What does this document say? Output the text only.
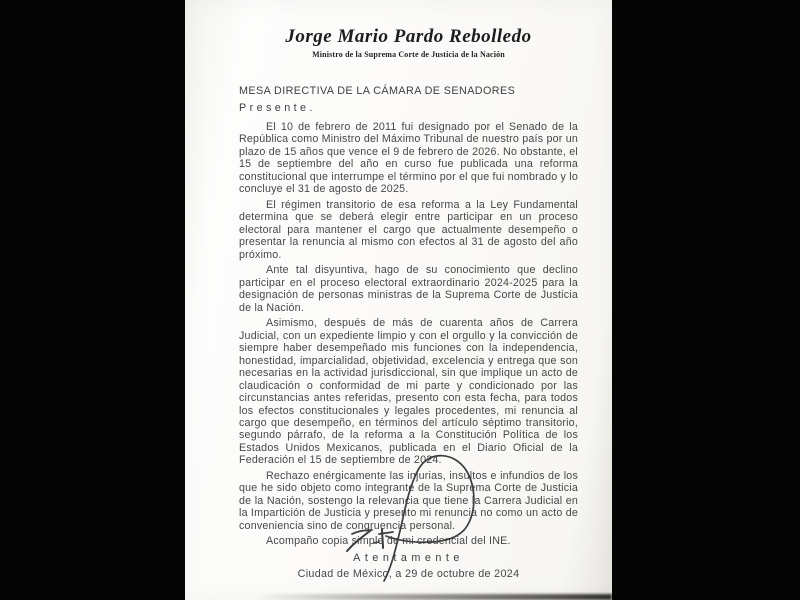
Jorge Mario Pardo Rebolledo
Ministro de la Suprema Corte de Justicia de la Nación
MESA DIRECTIVA DE LA CÁMARA DE SENADORES
Presente.

El 10 de febrero de 2011 fui designado por el Senado de la República como Ministro del Máximo Tribunal de nuestro país por un plazo de 15 años que vence el 9 de febrero de 2026. No obstante, el 15 de septiembre del año en curso fue publicada una reforma constitucional que interrumpe el término por el que fui nombrado y lo concluye el 31 de agosto de 2025.

El régimen transitorio de esa reforma a la Ley Fundamental determina que se deberá elegir entre participar en un proceso electoral para mantener el cargo que actualmente desempeño o presentar la renuncia al mismo con efectos al 31 de agosto del año próximo.

Ante tal disyuntiva, hago de su conocimiento que declino participar en el proceso electoral extraordinario 2024-2025 para la designación de personas ministras de la Suprema Corte de Justicia de la Nación.

Asimismo, después de más de cuarenta años de Carrera Judicial, con un expediente limpio y con el orgullo y la convicción de siempre haber desempeñado mis funciones con la independencia, honestidad, imparcialidad, objetividad, excelencia y entrega que son necesarias en la actividad jurisdiccional, sin que implique un acto de claudicación o conformidad de mi parte y condicionado por las circunstancias antes referidas, presento con esta fecha, para todos los efectos constitucionales y legales procedentes, mi renuncia al cargo que desempeño, en términos del artículo séptimo transitorio, segundo párrafo, de la reforma a la Constitución Política de los Estados Unidos Mexicanos, publicada en el Diario Oficial de la Federación el 15 de septiembre de 2024.

Rechazo enérgicamente las injurias, insultos e infundios de los que he sido objeto como integrante de la Suprema Corte de Justicia de la Nación, sostengo la relevancia que tiene la Carrera Judicial en la Impartición de Justicia y presento mi renuncia no como un acto de conveniencia sino de congruencia personal.

Acompaño copia simple de mi credencial del INE.

Atentamente
Ciudad de México, a 29 de octubre de 2024
